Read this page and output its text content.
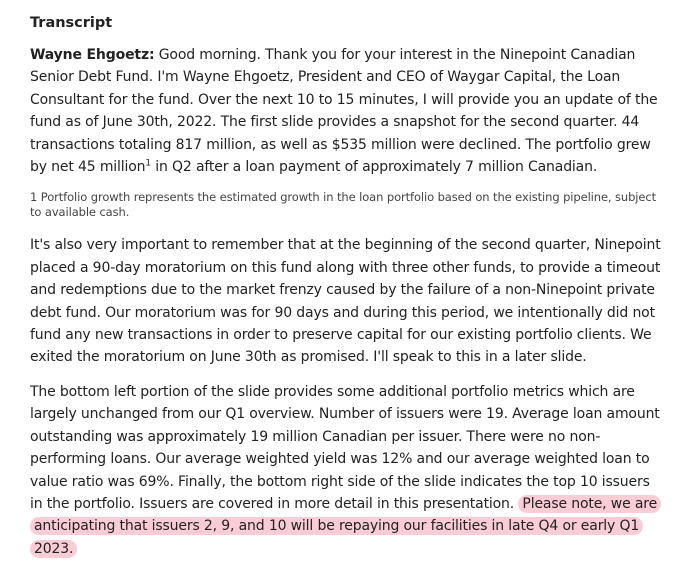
Transcript

Wayne Ehgoetz: Good morning. Thank you for your interest in the Ninepoint Canadian Senior Debt Fund. I'm Wayne Ehgoetz, President and CEO of Waygar Capital, the Loan Consultant for the fund. Over the next 10 to 15 minutes, I will provide you an update of the fund as of June 30th, 2022. The first slide provides a snapshot for the second quarter. 44 transactions totaling 817 million, as well as $535 million were declined. The portfolio grew by net 45 million$^1$ in Q2 after a loan payment of approximately 7 million Canadian.

1 Portfolio growth represents the estimated growth in the loan portfolio based on the existing pipeline, subject to available cash.

It's also very important to remember that at the beginning of the second quarter, Ninepoint placed a 90-day moratorium on this fund along with three other funds, to provide a timeout and redemptions due to the market frenzy caused by the failure of a non-Ninepoint private debt fund. Our moratorium was for 90 days and during this period, we intentionally did not fund any new transactions in order to preserve capital for our existing portfolio clients. We exited the moratorium on June 30th as promised. I'll speak to this in a later slide.

The bottom left portion of the slide provides some additional portfolio metrics which are largely unchanged from our Q1 overview. Number of issuers were 19. Average loan amount outstanding was approximately 19 million Canadian per issuer. There were no non-performing loans. Our average weighted yield was 12% and our average weighted loan to value ratio was 69%. Finally, the bottom right side of the slide indicates the top 10 issuers in the portfolio. Issuers are covered in more detail in this presentation. Please note, we are anticipating that issuers 2, 9, and 10 will be repaying our facilities in late Q4 or early Q1 2023.
